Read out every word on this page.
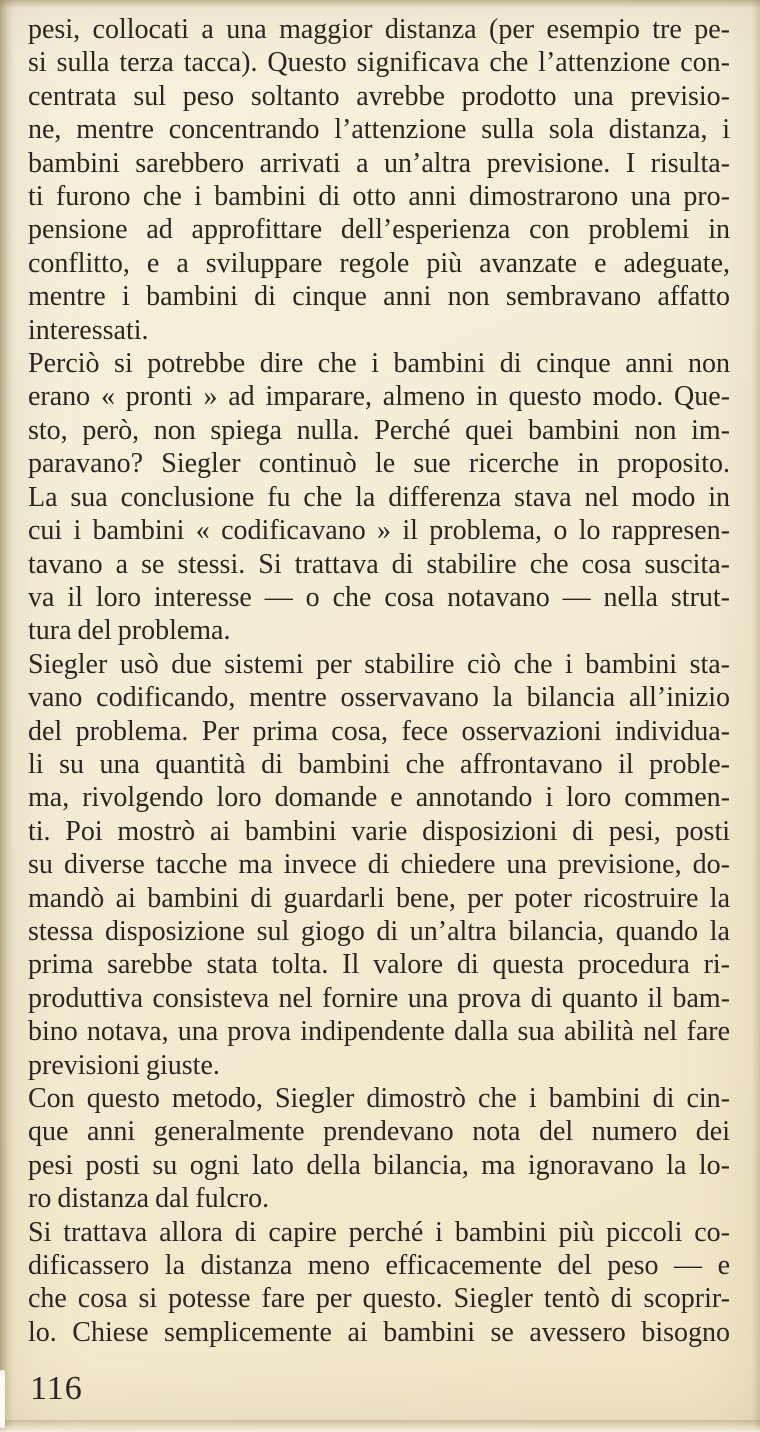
pesi, collocati a una maggior distanza (per esempio tre pe-
si sulla terza tacca). Questo significava che l’attenzione con-
centrata sul peso soltanto avrebbe prodotto una previsio-
ne, mentre concentrando l’attenzione sulla sola distanza, i
bambini sarebbero arrivati a un’altra previsione. I risulta-
ti furono che i bambini di otto anni dimostrarono una pro-
pensione ad approfittare dell’esperienza con problemi in
conflitto, e a sviluppare regole più avanzate e adeguate,
mentre i bambini di cinque anni non sembravano affatto
interessati.
Perciò si potrebbe dire che i bambini di cinque anni non
erano « pronti » ad imparare, almeno in questo modo. Que-
sto, però, non spiega nulla. Perché quei bambini non im-
paravano? Siegler continuò le sue ricerche in proposito.
La sua conclusione fu che la differenza stava nel modo in
cui i bambini « codificavano » il problema, o lo rappresen-
tavano a se stessi. Si trattava di stabilire che cosa suscita-
va il loro interesse — o che cosa notavano — nella strut-
tura del problema.
Siegler usò due sistemi per stabilire ciò che i bambini sta-
vano codificando, mentre osservavano la bilancia all’inizio
del problema. Per prima cosa, fece osservazioni individua-
li su una quantità di bambini che affrontavano il proble-
ma, rivolgendo loro domande e annotando i loro commen-
ti. Poi mostrò ai bambini varie disposizioni di pesi, posti
su diverse tacche ma invece di chiedere una previsione, do-
mandò ai bambini di guardarli bene, per poter ricostruire la
stessa disposizione sul giogo di un’altra bilancia, quando la
prima sarebbe stata tolta. Il valore di questa procedura ri-
produttiva consisteva nel fornire una prova di quanto il bam-
bino notava, una prova indipendente dalla sua abilità nel fare
previsioni giuste.
Con questo metodo, Siegler dimostrò che i bambini di cin-
que anni generalmente prendevano nota del numero dei
pesi posti su ogni lato della bilancia, ma ignoravano la lo-
ro distanza dal fulcro.
Si trattava allora di capire perché i bambini più piccoli co-
dificassero la distanza meno efficacemente del peso — e
che cosa si potesse fare per questo. Siegler tentò di scoprir-
lo. Chiese semplicemente ai bambini se avessero bisogno
116
